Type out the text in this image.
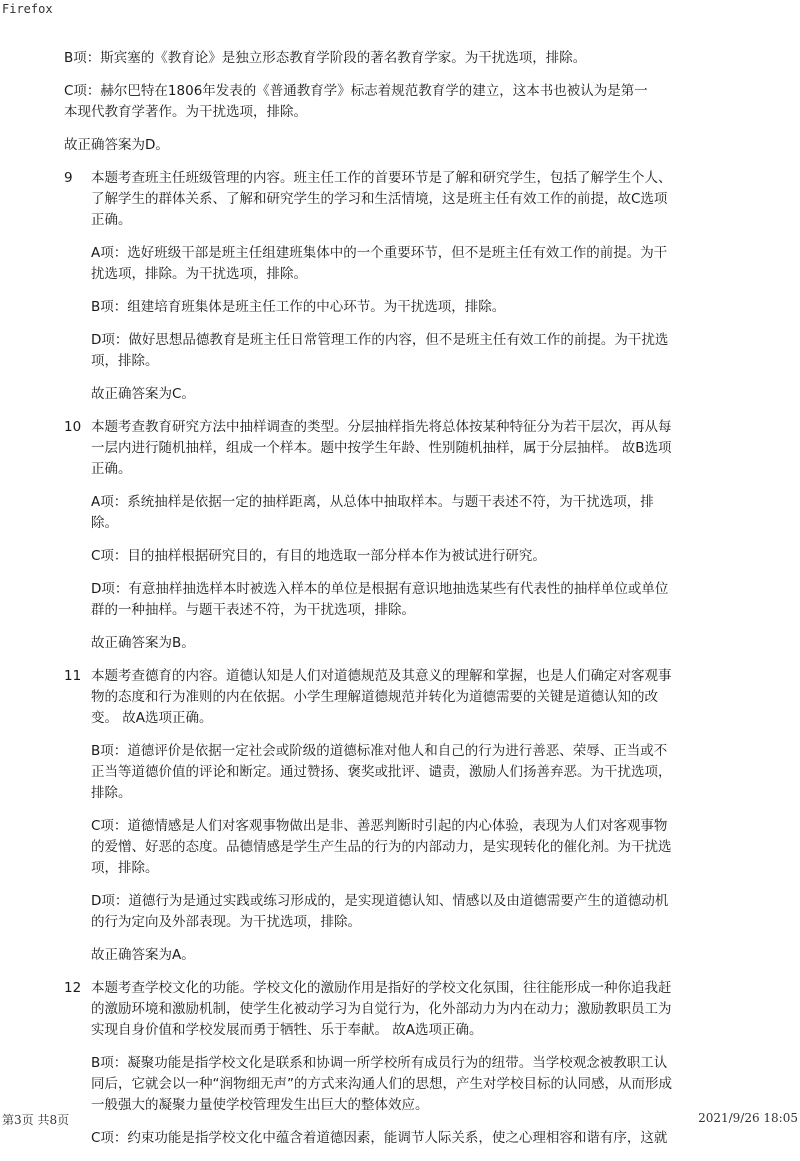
Firefox

B项：斯宾塞的《教育论》是独立形态教育学阶段的著名教育学家。为干扰选项，排除。

C项：赫尔巴特在1806年发表的《普通教育学》标志着规范教育学的建立，这本书也被认为是第一
本现代教育学著作。为干扰选项，排除。

故正确答案为D。

9	本题考查班主任班级管理的内容。班主任工作的首要环节是了解和研究学生，包括了解学生个人、
了解学生的群体关系、了解和研究学生的学习和生活情境，这是班主任有效工作的前提，故C选项
正确。

A项：选好班级干部是班主任组建班集体中的一个重要环节，但不是班主任有效工作的前提。为干
扰选项，排除。为干扰选项，排除。

B项：组建培育班集体是班主任工作的中心环节。为干扰选项，排除。

D项：做好思想品德教育是班主任日常管理工作的内容，但不是班主任有效工作的前提。为干扰选
项，排除。

故正确答案为C。

10 本题考查教育研究方法中抽样调查的类型。分层抽样指先将总体按某种特征分为若干层次，再从每
一层内进行随机抽样，组成一个样本。题中按学生年龄、性别随机抽样，属于分层抽样。 故B选项
正确。

A项：系统抽样是依据一定的抽样距离，从总体中抽取样本。与题干表述不符，为干扰选项，排
除。

C项：目的抽样根据研究目的，有目的地选取一部分样本作为被试进行研究。

D项：有意抽样抽选样本时被选入样本的单位是根据有意识地抽选某些有代表性的抽样单位或单位
群的一种抽样。与题干表述不符，为干扰选项，排除。

故正确答案为B。

11 本题考查德育的内容。道德认知是人们对道德规范及其意义的理解和掌握，也是人们确定对客观事
物的态度和行为准则的内在依据。小学生理解道德规范并转化为道德需要的关键是道德认知的改
变。 故A选项正确。

B项：道德评价是依据一定社会或阶级的道德标准对他人和自己的行为进行善恶、荣辱、正当或不
正当等道德价值的评论和断定。通过赞扬、褒奖或批评、谴责，激励人们扬善弃恶。为干扰选项，
排除。

C项：道德情感是人们对客观事物做出是非、善恶判断时引起的内心体验，表现为人们对客观事物
的爱憎、好恶的态度。品德情感是学生产生品的行为的内部动力，是实现转化的催化剂。为干扰选
项，排除。

D项：道德行为是通过实践或练习形成的，是实现道德认知、情感以及由道德需要产生的道德动机
的行为定向及外部表现。为干扰选项，排除。

故正确答案为A。

12 本题考查学校文化的功能。学校文化的激励作用是指好的学校文化氛围，往往能形成一种你追我赶
的激励环境和激励机制，使学生化被动学习为自觉行为，化外部动力为内在动力；激励教职员工为
实现自身价值和学校发展而勇于牺牲、乐于奉献。 故A选项正确。

B项：凝聚功能是指学校文化是联系和协调一所学校所有成员行为的纽带。当学校观念被教职工认
同后，它就会以一种“润物细无声”的方式来沟通人们的思想，产生对学校目标的认同感，从而形成
一般强大的凝聚力量使学校管理发生出巨大的整体效应。

C项：约束功能是指学校文化中蕴含着道德因素，能调节人际关系，使之心理相容和谐有序，这就

第3页 共8页	2021/9/26 18:05
